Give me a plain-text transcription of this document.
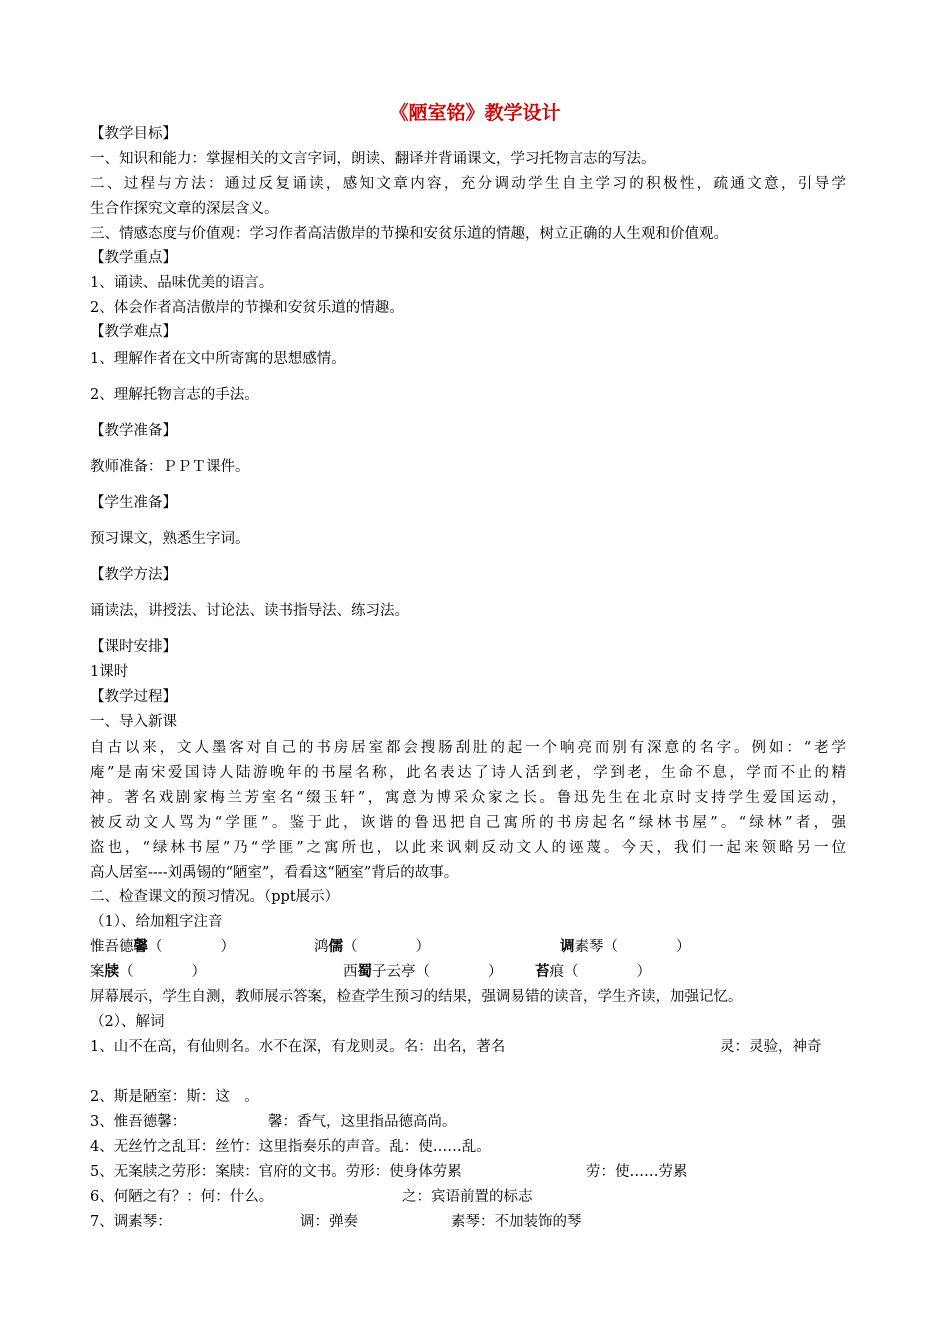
《陋室铭》教学设计
【教学目标】
一、知识和能力：掌握相关的文言字词，朗读、翻译并背诵课文，学习托物言志的写法。
二、过程与方法：通过反复诵读，感知文章内容，充分调动学生自主学习的积极性，疏通文意，引导学
生合作探究文章的深层含义。
三、情感态度与价值观：学习作者高洁傲岸的节操和安贫乐道的情趣，树立正确的人生观和价值观。
【教学重点】
1、诵读、品味优美的语言。
2、体会作者高洁傲岸的节操和安贫乐道的情趣。
【教学难点】
1、理解作者在文中所寄寓的思想感情。
2、理解托物言志的手法。
【教学准备】
教师准备：ＰＰＴ课件。
【学生准备】
预习课文，熟悉生字词。
【教学方法】
诵读法，讲授法、讨论法、读书指导法、练习法。
【课时安排】
1课时
【教学过程】
一、导入新课
自古以来，文人墨客对自己的书房居室都会搜肠刮肚的起一个响亮而别有深意的名字。例如：“老学
庵”是南宋爱国诗人陆游晚年的书屋名称，此名表达了诗人活到老，学到老，生命不息，学而不止的精
神。著名戏剧家梅兰芳室名“缀玉轩”，寓意为博采众家之长。鲁迅先生在北京时支持学生爱国运动，
被反动文人骂为“学匪”。鉴于此，诙谐的鲁迅把自己寓所的书房起名“绿林书屋”。“绿林”者，强
盗也，“绿林书屋”乃“学匪”之寓所也，以此来讽刺反动文人的诬蔑。今天，我们一起来领略另一位
高人居室----刘禹锡的“陋室”，看看这“陋室”背后的故事。
二、检查课文的预习情况。（ppt展示）
（1）、给加粗字注音
惟吾德馨（　　　　）	鸿儒（　　　　）	调素琴（　　　　）
案牍（　　　　）	西蜀子云亭（　　　　） 苔痕（　　　　）
屏幕展示，学生自测，教师展示答案，检查学生预习的结果，强调易错的读音，学生齐读，加强记忆。
（2）、解词
1、山不在高，有仙则名。水不在深，有龙则灵。名：出名，著名	灵：灵验，神奇
2、斯是陋室：斯：这　。
3、惟吾德馨：	馨：香气，这里指品德高尚。
4、无丝竹之乱耳：丝竹：这里指奏乐的声音。乱：使……乱。
5、无案牍之劳形：案牍：官府的文书。劳形：使身体劳累	劳：使……劳累
6、何陋之有？：何：什么。	之：宾语前置的标志
7、调素琴：	调：弹奏	素琴：不加装饰的琴
